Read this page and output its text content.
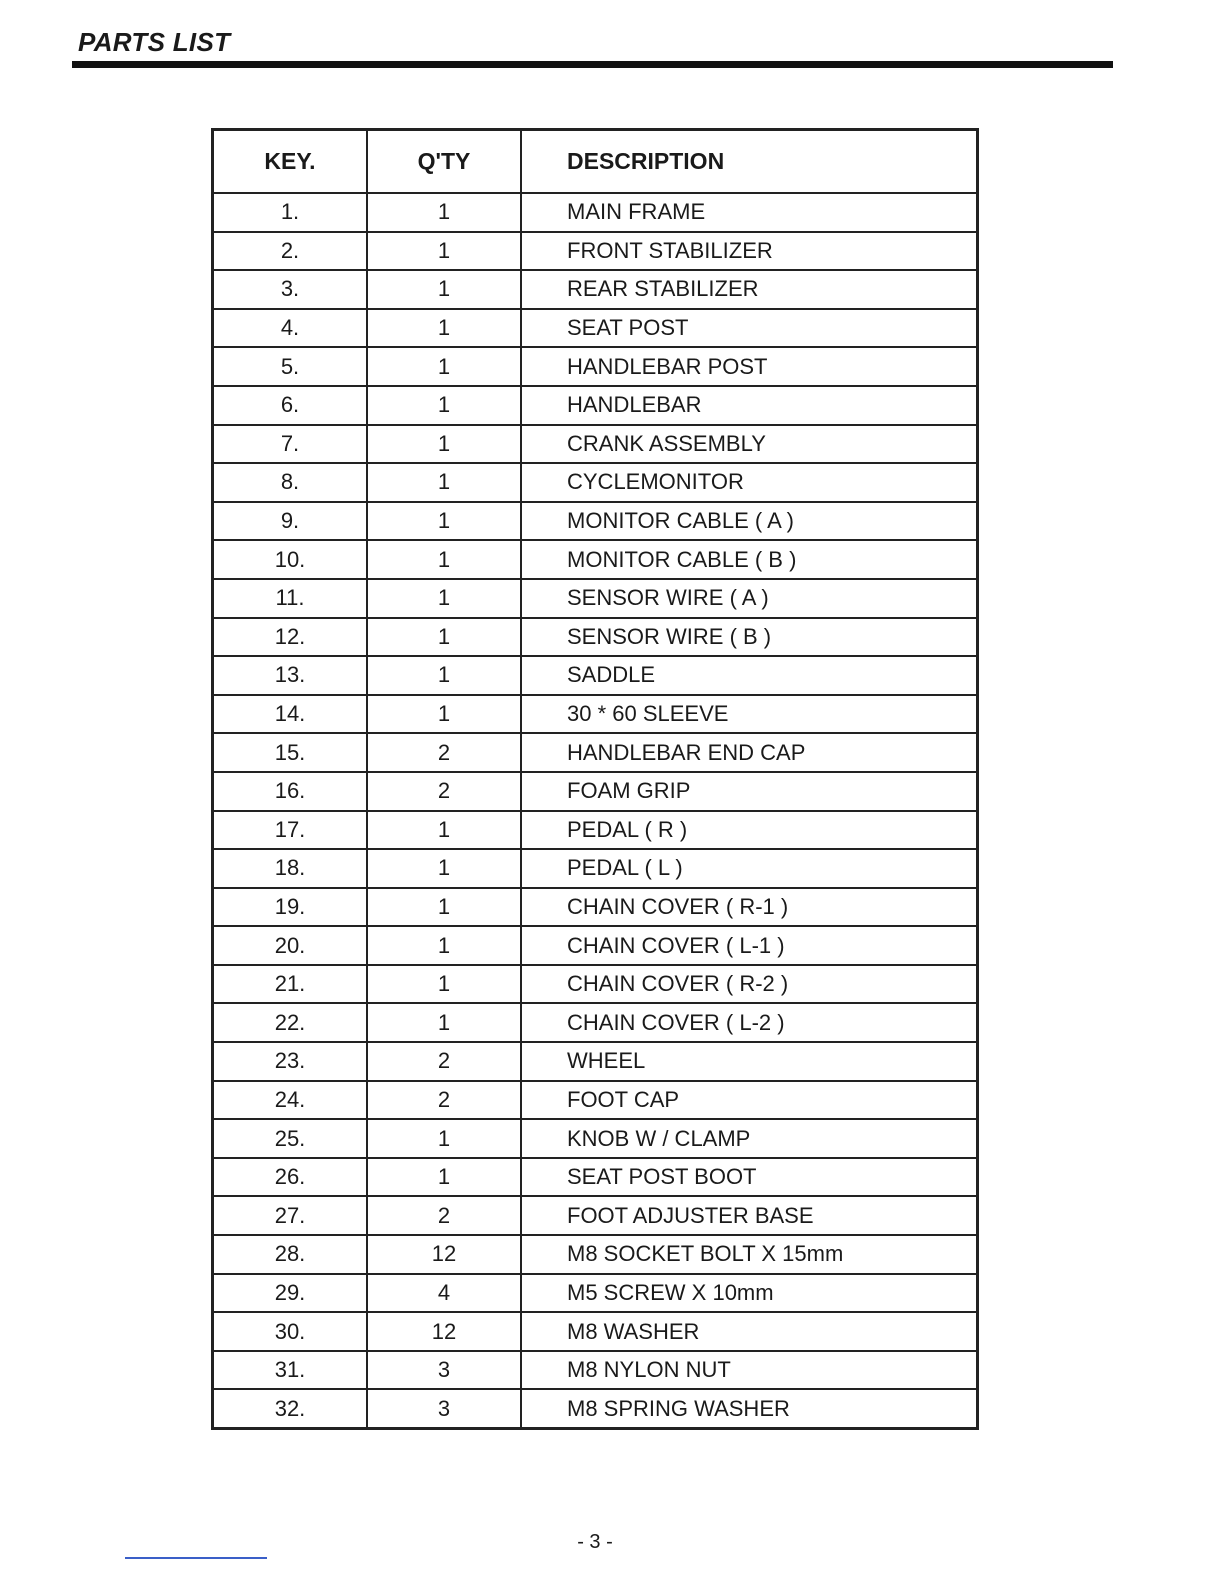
PARTS LIST
KEY.	Q'TY	DESCRIPTION
1.	1	MAIN FRAME
2.	1	FRONT STABILIZER
3.	1	REAR STABILIZER
4.	1	SEAT POST
5.	1	HANDLEBAR POST
6.	1	HANDLEBAR
7.	1	CRANK ASSEMBLY
8.	1	CYCLEMONITOR
9.	1	MONITOR CABLE ( A )
10.	1	MONITOR CABLE ( B )
11.	1	SENSOR WIRE ( A )
12.	1	SENSOR WIRE ( B )
13.	1	SADDLE
14.	1	30 * 60 SLEEVE
15.	2	HANDLEBAR END CAP
16.	2	FOAM GRIP
17.	1	PEDAL ( R )
18.	1	PEDAL ( L )
19.	1	CHAIN COVER ( R-1 )
20.	1	CHAIN COVER ( L-1 )
21.	1	CHAIN COVER ( R-2 )
22.	1	CHAIN COVER ( L-2 )
23.	2	WHEEL
24.	2	FOOT CAP
25.	1	KNOB W / CLAMP
26.	1	SEAT POST BOOT
27.	2	FOOT ADJUSTER BASE
28.	12	M8 SOCKET BOLT X 15mm
29.	4	M5 SCREW X 10mm
30.	12	M8 WASHER
31.	3	M8 NYLON NUT
32.	3	M8 SPRING WASHER
- 3 -
